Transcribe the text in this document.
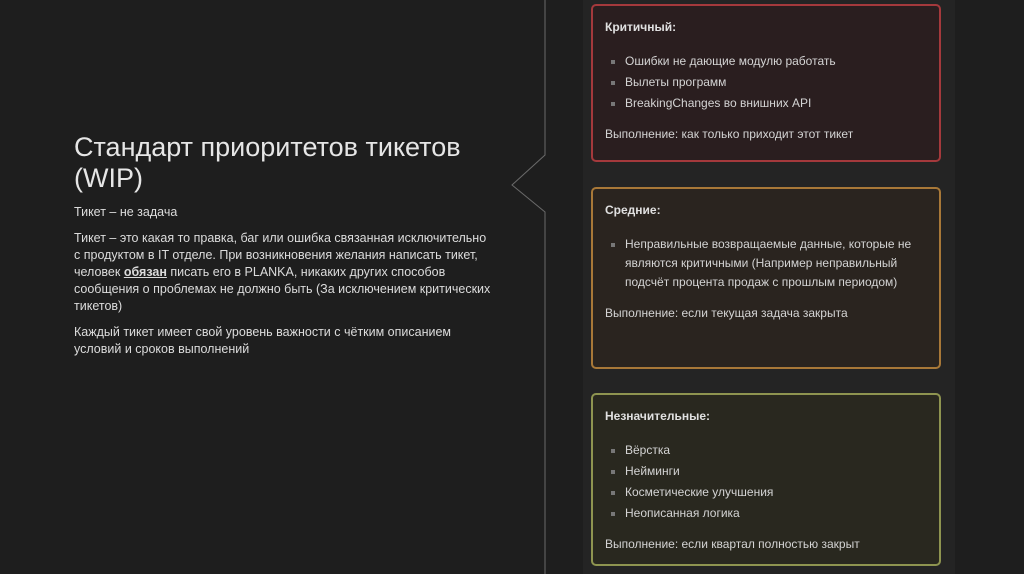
Стандарт приоритетов тикетов (WIP)

Тикет – не задача

Тикет – это какая то правка, баг или ошибка связанная исключительно с продуктом в IT отделе. При возникновения желания написать тикет, человек обязан писать его в PLANKA, никаких других способов сообщения о проблемах не должно быть (За исключением критических тикетов)

Каждый тикет имеет свой уровень важности с чётким описанием условий и сроков выполнений

Критичный:
Ошибки не дающие модулю работать
Вылеты программ
BreakingChanges во внишних API

Выполнение: как только приходит этот тикет

Средние:
Неправильные возвращаемые данные, которые не являются критичными (Например неправильный подсчёт процента продаж с прошлым периодом)

Выполнение: если текущая задача закрыта

Незначительные:
Вёрстка
Нейминги
Косметические улучшения
Неописанная логика

Выполнение: если квартал полностью закрыт
